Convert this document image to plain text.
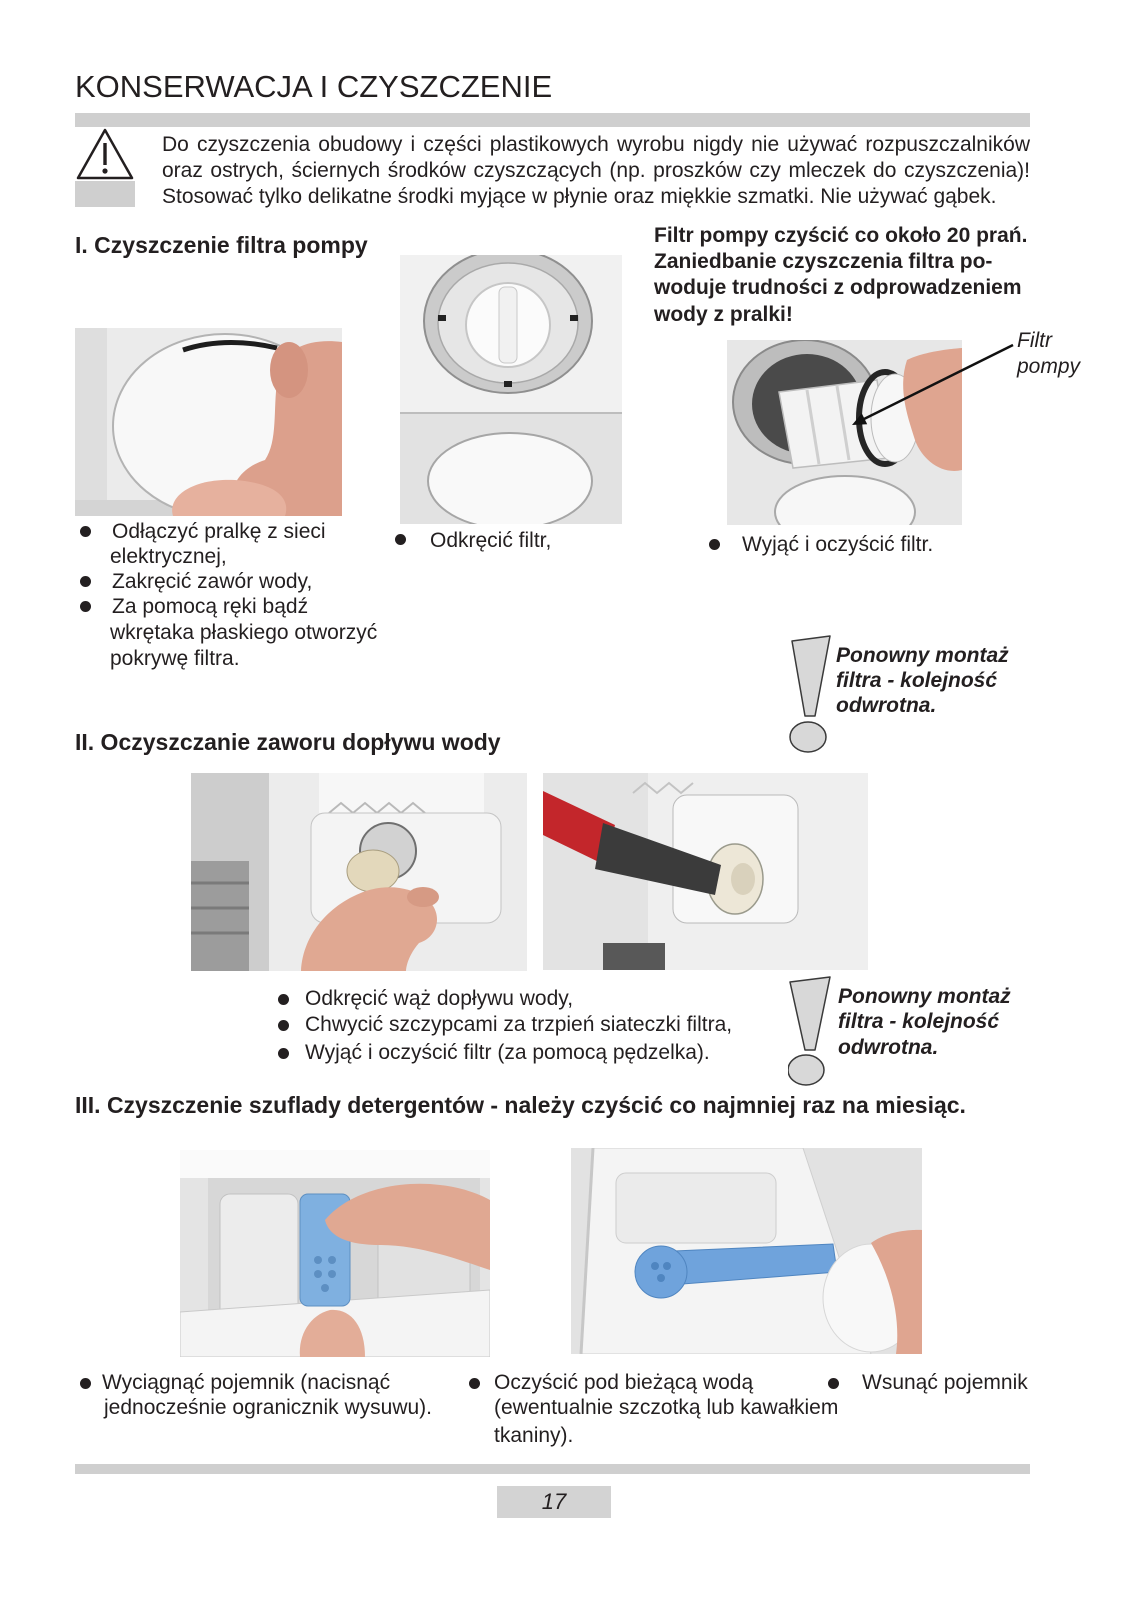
KONSERWACJA I CZYSZCZENIE
Do czyszczenia obudowy i części plastikowych wyrobu nigdy nie używać rozpuszczalników
oraz ostrych, ściernych środków czyszczących (np. proszków czy mleczek do czyszczenia)!
Stosować tylko delikatne środki myjące w płynie oraz miękkie szmatki. Nie używać gąbek.
I. Czyszczenie filtra pompy	Filtr pompy czyścić co około 20 prań.
Zaniedbanie czyszczenia filtra po-
woduje trudności z odprowadzeniem
wody z pralki!
Filtr
pompy
Odłączyć pralkę z sieci
elektrycznej,
Zakręcić zawór wody,
Za pomocą ręki bądź
wkrętaka płaskiego otworzyć
pokrywę filtra.
Odkręcić filtr,	Wyjąć i oczyścić filtr.
Ponowny montaż
filtra - kolejność
odwrotna.
II. Oczyszczanie zaworu dopływu wody
Odkręcić wąż dopływu wody,
Chwycić szczypcami za trzpień siateczki filtra,
Wyjąć i oczyścić filtr (za pomocą pędzelka).
Ponowny montaż
filtra - kolejność
odwrotna.
III. Czyszczenie szuflady detergentów - należy czyścić co najmniej raz na miesiąc.
Wyciągnąć pojemnik (nacisnąć
jednocześnie ogranicznik wysuwu).
Oczyścić pod bieżącą wodą
(ewentualnie szczotką lub kawałkiem
tkaniny).
Wsunąć pojemnik
17
